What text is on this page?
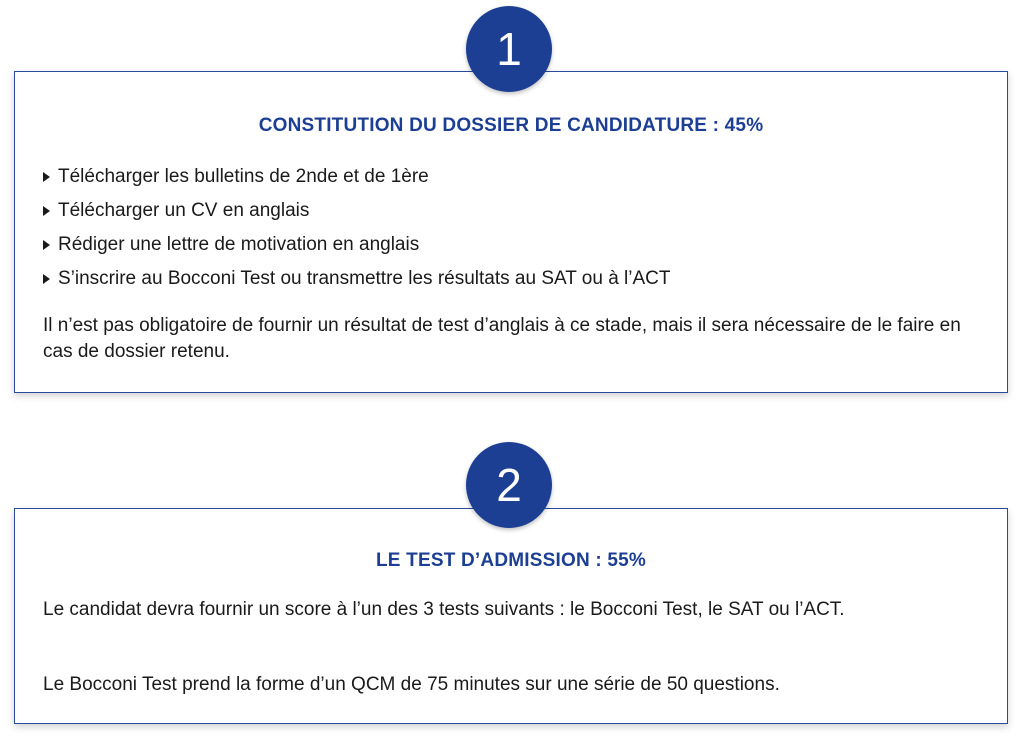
1
CONSTITUTION DU DOSSIER DE CANDIDATURE : 45%
Télécharger les bulletins de 2nde et de 1ère
Télécharger un CV en anglais
Rédiger une lettre de motivation en anglais
S’inscrire au Bocconi Test ou transmettre les résultats au SAT ou à l’ACT

Il n’est pas obligatoire de fournir un résultat de test d’anglais à ce stade, mais il sera nécessaire de le faire en cas de dossier retenu.

2
LE TEST D’ADMISSION : 55%

Le candidat devra fournir un score à l’un des 3 tests suivants : le Bocconi Test, le SAT ou l’ACT.

Le Bocconi Test prend la forme d’un QCM de 75 minutes sur une série de 50 questions.
